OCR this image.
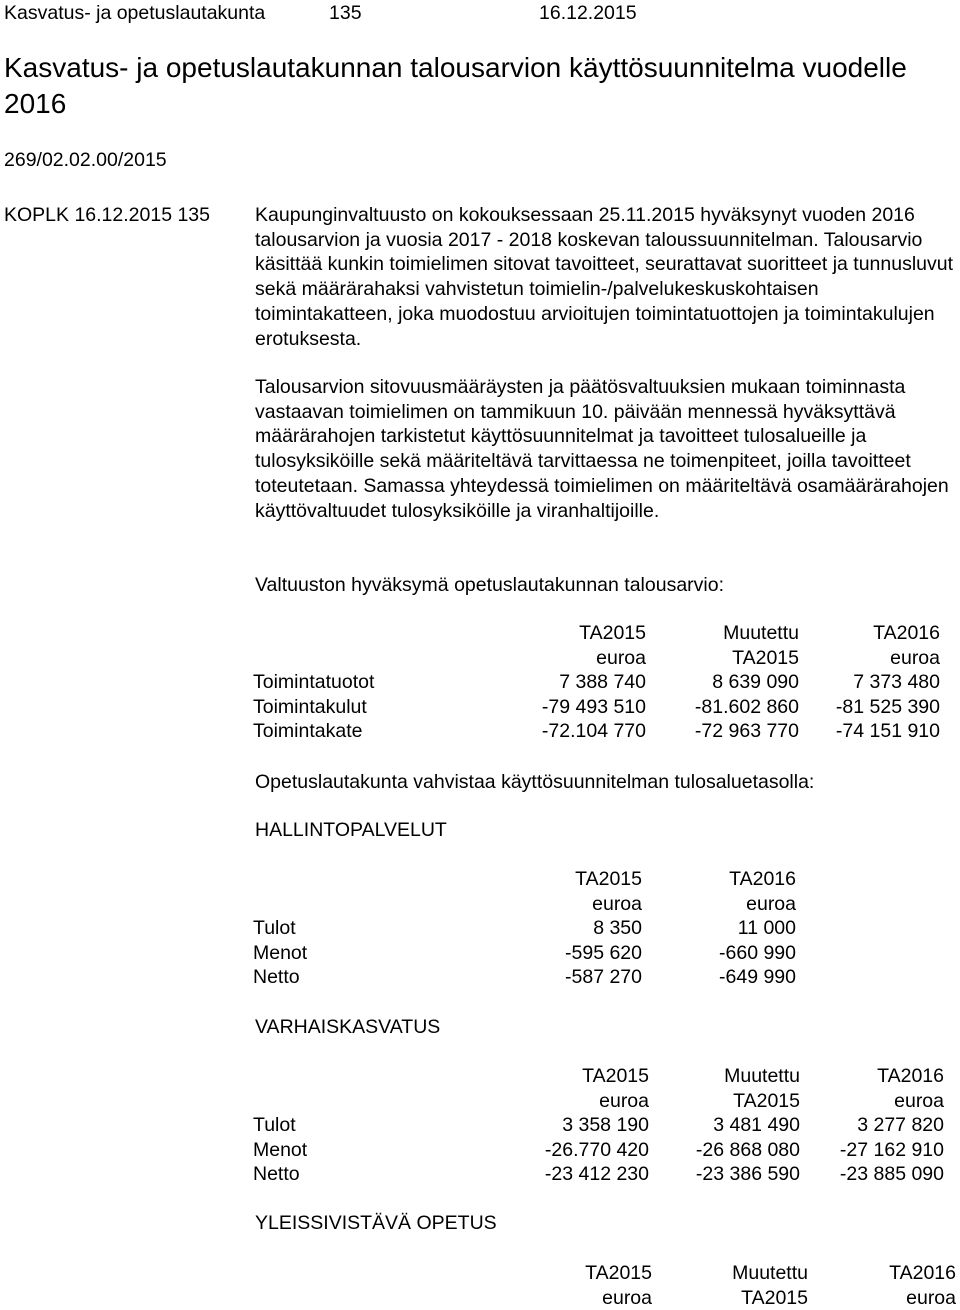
Kasvatus- ja opetuslautakunta	135	16.12.2015
Kasvatus- ja opetuslautakunnan talousarvion käyttösuunnitelma vuodelle 2016
269/02.02.00/2015
KOPLK 16.12.2015 135 Kaupunginvaltuusto on kokouksessaan 25.11.2015 hyväksynyt vuoden 2016 talousarvion ja vuosia 2017 - 2018 koskevan taloussuunnitelman. Talousarvio käsittää kunkin toimielimen sitovat tavoitteet, seurattavat suoritteet ja tunnusluvut sekä määrärahaksi vahvistetun toimielin-/palvelukeskuskohtaisen toimintakatteen, joka muodostuu arvioitujen toimintatuottojen ja toimintakulujen erotuksesta.

Talousarvion sitovuusmääräysten ja päätösvaltuuksien mukaan toiminnasta vastaavan toimielimen on tammikuun 10. päivään mennessä hyväksyttävä määrärahojen tarkistetut käyttösuunnitelmat ja tavoitteet tulosalueille ja tulosyksiköille sekä määriteltävä tarvittaessa ne toimenpiteet, joilla tavoitteet toteutetaan. Samassa yhteydessä toimielimen on määriteltävä osamäärärahojen käyttövaltuudet tulosyksiköille ja viranhaltijoille.

Valtuuston hyväksymä opetuslautakunnan talousarvio:
	TA2015	Muutettu	TA2016
	euroa	TA2015	euroa
Toimintatuotot	7 388 740	8 639 090	7 373 480
Toimintakulut	-79 493 510	-81.602 860	-81 525 390
Toimintakate	-72.104 770	-72 963 770	-74 151 910
Opetuslautakunta vahvistaa käyttösuunnitelman tulosaluetasolla:
HALLINTOPALVELUT
	TA2015	TA2016
	euroa	euroa
Tulot	8 350	11 000
Menot	-595 620	-660 990
Netto	-587 270	-649 990
VARHAISKASVATUS
	TA2015	Muutettu	TA2016
	euroa	TA2015	euroa
Tulot	3 358 190	3 481 490	3 277 820
Menot	-26.770 420	-26 868 080	-27 162 910
Netto	-23 412 230	-23 386 590	-23 885 090
YLEISSIVISTÄVÄ OPETUS
	TA2015	Muutettu	TA2016
	euroa	TA2015	euroa
